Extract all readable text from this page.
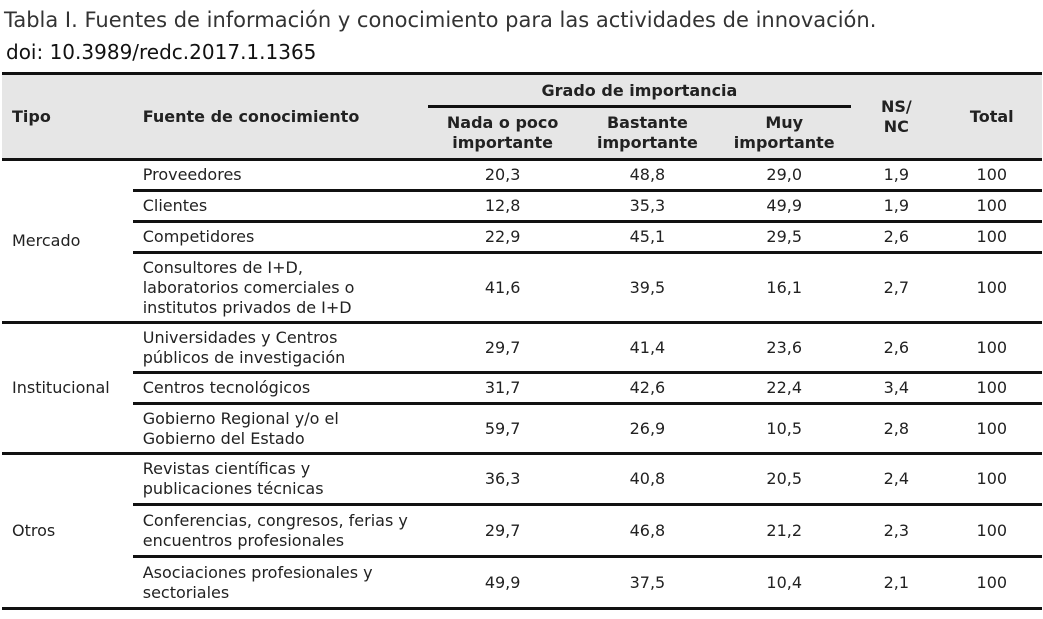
Tabla I. Fuentes de información y conocimiento para las actividades de innovación.
doi: 10.3989/redc.2017.1.1365
Tipo	Fuente de conocimiento	Grado de importancia			NS/ NC	Total
		Nada o poco importante	Bastante importante	Muy importante		
Mercado	Proveedores	20,3	48,8	29,0	1,9	100
	Clientes	12,8	35,3	49,9	1,9	100
	Competidores	22,9	45,1	29,5	2,6	100
	Consultores de I+D, laboratorios comerciales o institutos privados de I+D	41,6	39,5	16,1	2,7	100
Institucional	Universidades y Centros públicos de investigación	29,7	41,4	23,6	2,6	100
	Centros tecnológicos	31,7	42,6	22,4	3,4	100
	Gobierno Regional y/o el Gobierno del Estado	59,7	26,9	10,5	2,8	100
Otros	Revistas científicas y publicaciones técnicas	36,3	40,8	20,5	2,4	100
	Conferencias, congresos, ferias y encuentros profesionales	29,7	46,8	21,2	2,3	100
	Asociaciones profesionales y sectoriales	49,9	37,5	10,4	2,1	100
